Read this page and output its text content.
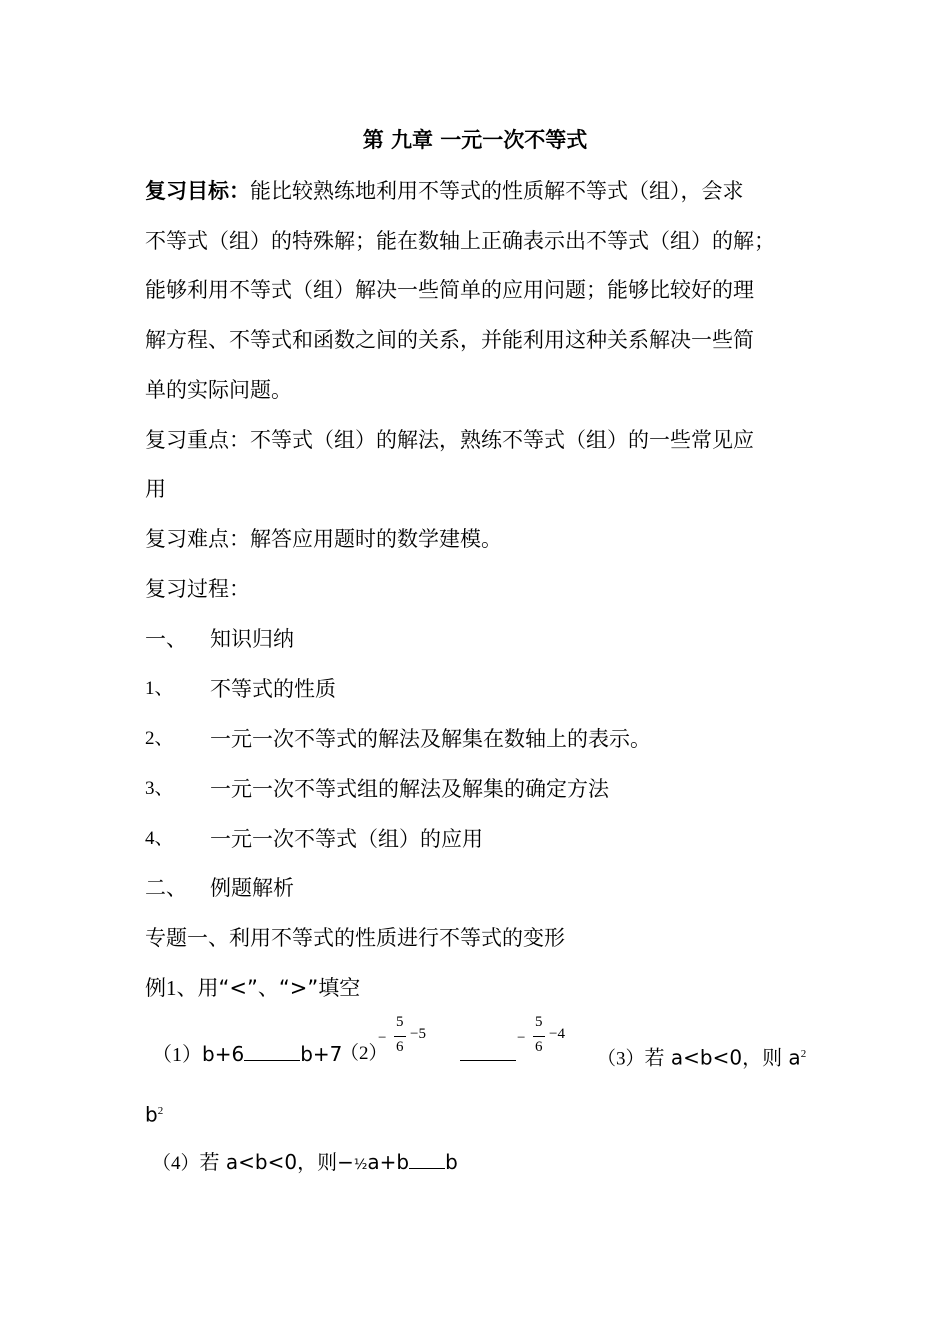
第 九章 一元一次不等式
复习目标：能比较熟练地利用不等式的性质解不等式（组），会求
不等式（组）的特殊解；能在数轴上正确表示出不等式（组）的解；
能够利用不等式（组）解决一些简单的应用问题；能够比较好的理
解方程、不等式和函数之间的关系，并能利用这种关系解决一些简
单的实际问题。
复习重点：不等式（组）的解法，熟练不等式（组）的一些常见应
用
复习难点：解答应用题时的数学建模。
复习过程：
一、 知识归纳
1、 不等式的性质
2、 一元一次不等式的解法及解集在数轴上的表示。
3、 一元一次不等式组的解法及解集的确定方法
4、 一元一次不等式（组）的应用
二、 例题解析
专题一、利用不等式的性质进行不等式的变形
例1、用“<”、“>”填空
（1）b+6	b+7
（2）
−
5
6
−5	−
5
6
−4
（3）若 a<b<0，则 $a^2$
$b^2$
（4）若 a<b<0，则−½a+b b
